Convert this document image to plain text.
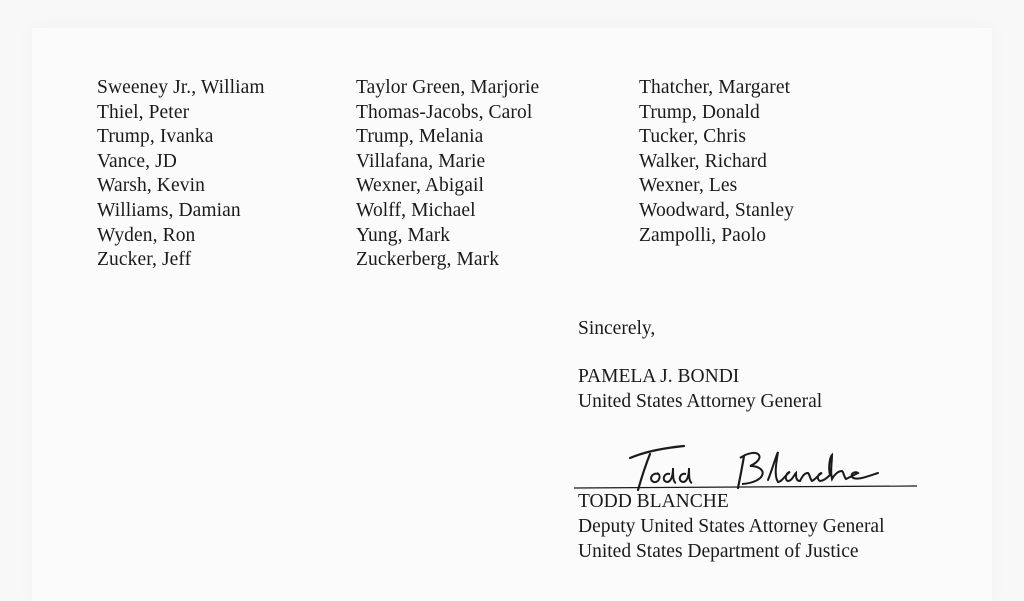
Sweeney Jr., William
Thiel, Peter
Trump, Ivanka
Vance, JD
Warsh, Kevin
Williams, Damian
Wyden, Ron
Zucker, Jeff
Taylor Green, Marjorie
Thomas-Jacobs, Carol
Trump, Melania
Villafana, Marie
Wexner, Abigail
Wolff, Michael
Yung, Mark
Zuckerberg, Mark
Thatcher, Margaret
Trump, Donald
Tucker, Chris
Walker, Richard
Wexner, Les
Woodward, Stanley
Zampolli, Paolo
Sincerely,
PAMELA J. BONDI
United States Attorney General
TODD BLANCHE
Deputy United States Attorney General
United States Department of Justice
